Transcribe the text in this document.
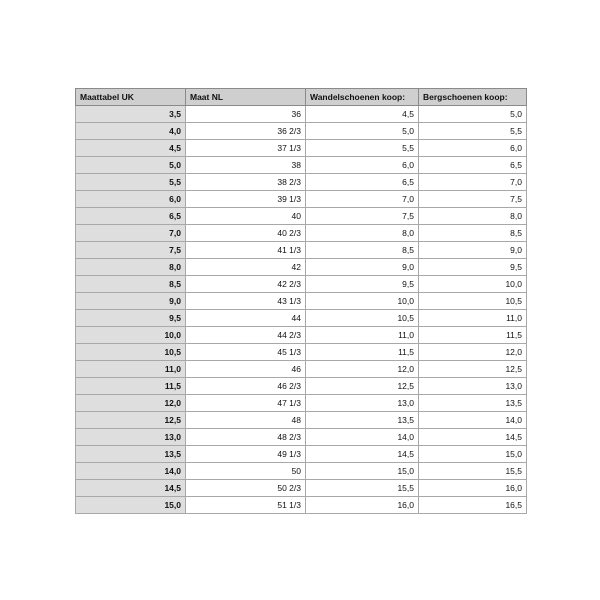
Maattabel UK	Maat NL	Wandelschoenen koop:	Bergschoenen koop:
3,5	36	4,5	5,0
4,0	36 2/3	5,0	5,5
4,5	37 1/3	5,5	6,0
5,0	38	6,0	6,5
5,5	38 2/3	6,5	7,0
6,0	39 1/3	7,0	7,5
6,5	40	7,5	8,0
7,0	40 2/3	8,0	8,5
7,5	41 1/3	8,5	9,0
8,0	42	9,0	9,5
8,5	42 2/3	9,5	10,0
9,0	43 1/3	10,0	10,5
9,5	44	10,5	11,0
10,0	44 2/3	11,0	11,5
10,5	45 1/3	11,5	12,0
11,0	46	12,0	12,5
11,5	46 2/3	12,5	13,0
12,0	47 1/3	13,0	13,5
12,5	48	13,5	14,0
13,0	48 2/3	14,0	14,5
13,5	49 1/3	14,5	15,0
14,0	50	15,0	15,5
14,5	50 2/3	15,5	16,0
15,0	51 1/3	16,0	16,5
